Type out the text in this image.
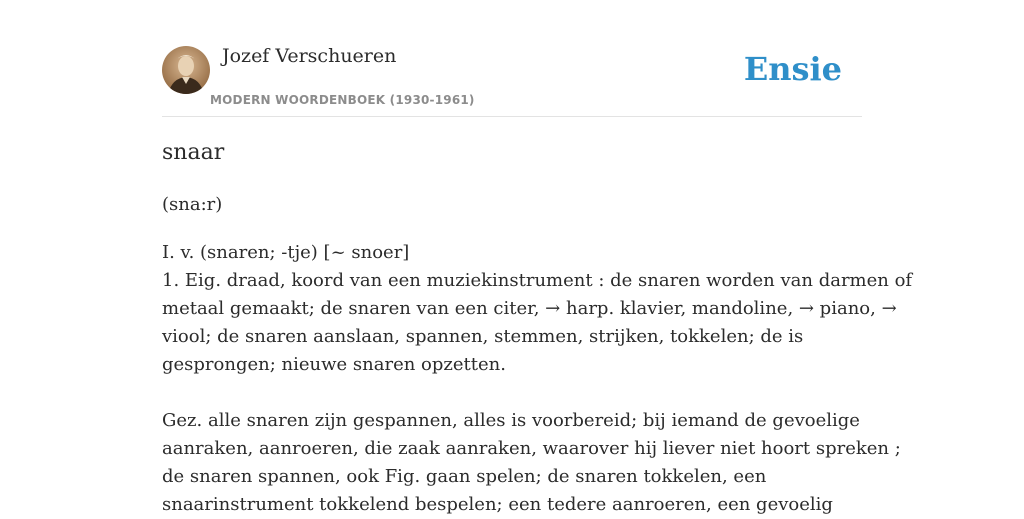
Jozef Verschueren
MODERN WOORDENBOEK (1930-1961)
Ensie
snaar
(sna:r)
I. v. (snaren; -tje) [~ snoer]
1. Eig. draad, koord van een muziekinstrument : de snaren worden van darmen of
metaal gemaakt; de snaren van een citer, → harp. klavier, mandoline, → piano, →
viool; de snaren aanslaan, spannen, stemmen, strijken, tokkelen; de is
gesprongen; nieuwe snaren opzetten.
Gez. alle snaren zijn gespannen, alles is voorbereid; bij iemand de gevoelige
aanraken, aanroeren, die zaak aanraken, waarover hij liever niet hoort spreken ;
de snaren spannen, ook Fig. gaan spelen; de snaren tokkelen, een
snaarinstrument tokkelend bespelen; een tedere aanroeren, een gevoelig
